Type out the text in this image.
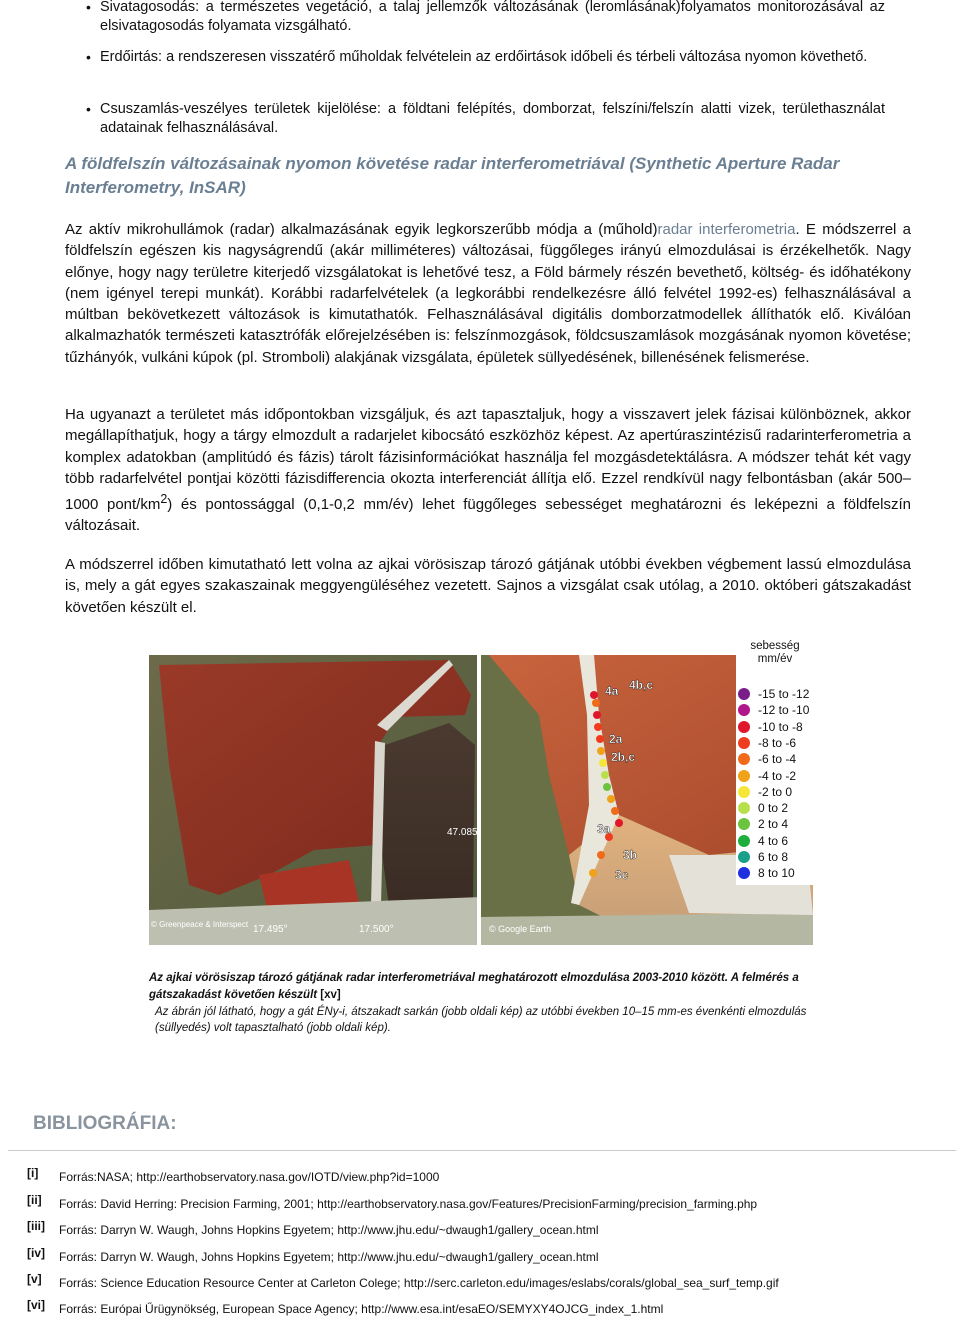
• Sivatagosodás: a természetes vegetáció, a talaj jellemzők változásának (leromlásának)folyamatos monitorozásával az elsivatagosodás folyamata vizsgálható.
• Erdőirtás: a rendszeresen visszatérő műholdak felvételein az erdőirtások időbeli és térbeli változása nyomon követhető.
• Csuszamlás-veszélyes területek kijelölése: a földtani felépítés, domborzat, felszíni/felszín alatti vizek, területhasználat adatainak felhasználásával.
A földfelszín változásainak nyomon követése radar interferometriával (Synthetic Aperture Radar Interferometry, InSAR)
Az aktív mikrohullámok (radar) alkalmazásának egyik legkorszerűbb módja a (műhold)radar interferometria. E módszerrel a földfelszín egészen kis nagyságrendű (akár milliméteres) változásai, függőleges irányú elmozdulásai is érzékelhetők. Nagy előnye, hogy nagy területre kiterjedő vizsgálatokat is lehetővé tesz, a Föld bármely részén bevethető, költség- és időhatékony (nem igényel terepi munkát). Korábbi radarfelvételek (a legkorábbi rendelkezésre álló felvétel 1992-es) felhasználásával a múltban bekövetkezett változások is kimutathatók. Felhasználásával digitális domborzatmodellek állíthatók elő. Kiválóan alkalmazhatók természeti katasztrófák előrejelzésében is: felszínmozgások, földcsuszamlások mozgásának nyomon követése; tűzhányók, vulkáni kúpok (pl. Stromboli) alakjának vizsgálata, épületek süllyedésének, billenésének felismerése.
Ha ugyanazt a területet más időpontokban vizsgáljuk, és azt tapasztaljuk, hogy a visszavert jelek fázisai különböznek, akkor megállapíthatjuk, hogy a tárgy elmozdult a radarjelet kibocsátó eszközhöz képest. Az apertúraszintézisű radarinterferometria a komplex adatokban (amplitúdó és fázis) tárolt fázisinformációkat használja fel mozgásdetektálásra. A módszer tehát két vagy több radarfelvétel pontjai közötti fázisdifferencia okozta interferenciát állítja elő. Ezzel rendkívül nagy felbontásban (akár 500–1000 pont/$km^2$) és pontossággal (0,1-0,2 mm/év) lehet függőleges sebességet meghatározni és leképezni a földfelszín változásait.
A módszerrel időben kimutatható lett volna az ajkai vörösiszap tározó gátjának utóbbi években végbement lassú elmozdulása is, mely a gát egyes szakaszainak meggyengüléséhez vezetett. Sajnos a vizsgálat csak utólag, a 2010. októberi gátszakadást követően készült el.
4a 4b,c
2a
2b,c
3a
3b
3c
47.085°
17.495°	17.500°
© Greenpeace & Interspect	© Google Earth
sebesség
mm/év
-15 to -12
-12 to -10
-10 to -8
-8 to -6
-6 to -4
-4 to -2
-2 to 0
0 to 2
2 to 4
4 to 6
6 to 8
8 to 10
Az ajkai vörösiszap tározó gátjának radar interferometriával meghatározott elmozdulása 2003-2010 között. A felmérés a gátszakadást követően készült [xv]
Az ábrán jól látható, hogy a gát ÉNy-i, átszakadt sarkán (jobb oldali kép) az utóbbi években 10–15 mm-es évenkénti elmozdulás (süllyedés) volt tapasztalható (jobb oldali kép).
BIBLIOGRÁFIA:
[i] Forrás:NASA; http://earthobservatory.nasa.gov/IOTD/view.php?id=1000
[ii] Forrás: David Herring: Precision Farming, 2001; http://earthobservatory.nasa.gov/Features/PrecisionFarming/precision_farming.php
[iii] Forrás: Darryn W. Waugh, Johns Hopkins Egyetem; http://www.jhu.edu/~dwaugh1/gallery_ocean.html
[iv] Forrás: Darryn W. Waugh, Johns Hopkins Egyetem; http://www.jhu.edu/~dwaugh1/gallery_ocean.html
[v] Forrás: Science Education Resource Center at Carleton Colege; http://serc.carleton.edu/images/eslabs/corals/global_sea_surf_temp.gif
[vi] Forrás: Európai Űrügynökség, European Space Agency; http://www.esa.int/esaEO/SEMYXY4OJCG_index_1.html
